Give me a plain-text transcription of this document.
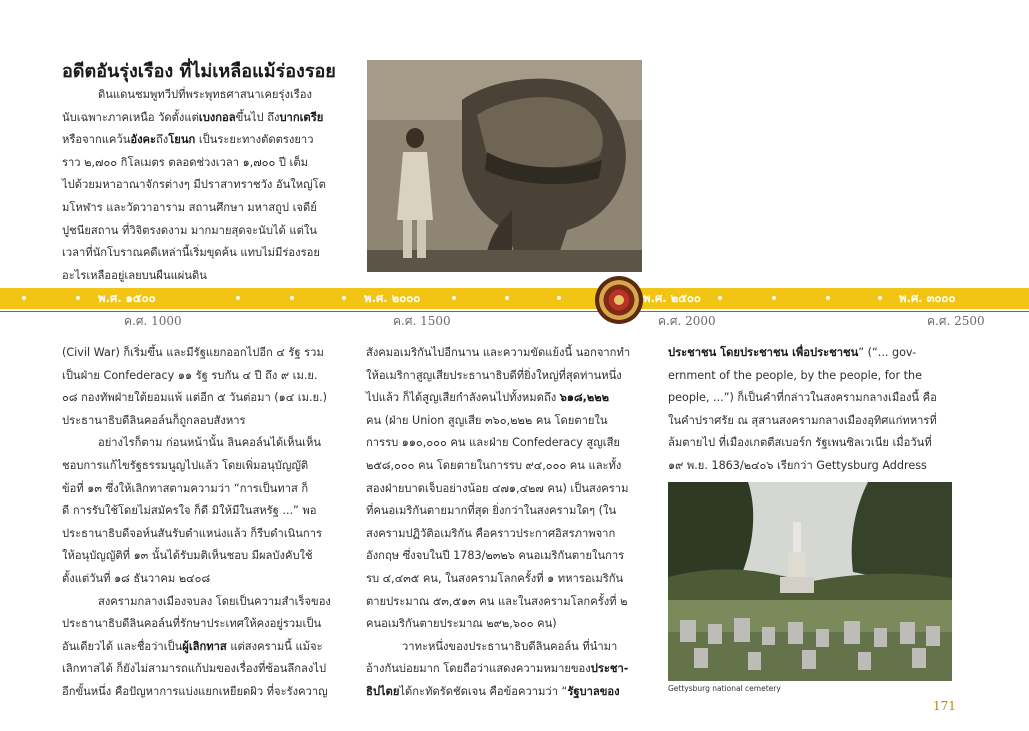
อดีตอันรุ่งเรือง ที่ไม่เหลือแม้ร่องรอย

ดินแดนชมพูทวีปที่พระพุทธศาสนาเคยรุ่งเรือง

นับเฉพาะภาคเหนือ วัดตั้งแต่เบงกอลขึ้นไป ถึงบากเตรีย

หรือจากแคว้นอังคะถึงโยนก เป็นระยะทางตัดตรงยาว

ราว ๒,๗๐๐ กิโลเมตร ตลอดช่วงเวลา ๑,๗๐๐ ปี เต็ม

ไปด้วยมหาอาณาจักรต่างๆ มีปราสาทราชวัง อันใหญ่โต

มโหฬาร และวัดวาอาราม สถานศึกษา มหาสถูป เจดีย์

ปูชนียสถาน ที่วิจิตรงดงาม มากมายสุดจะนับได้ แต่ใน

เวลาที่นักโบราณคดีเหล่านี้เริ่มขุดค้น แทบไม่มีร่องรอย

อะไรเหลืออยู่เลยบนผืนแผ่นดิน

พ.ศ. ๑๕๐๐	พ.ศ. ๒๐๐๐	พ.ศ. ๒๕๐๐	พ.ศ. ๓๐๐๐
ค.ศ. 1000	ค.ศ. 1500	ค.ศ. 2000	ค.ศ. 2500

(Civil War) ก็เริ่มขึ้น และมีรัฐแยกออกไปอีก ๔ รัฐ รวม

เป็นฝ่าย Confederacy ๑๑ รัฐ รบกัน ๔ ปี ถึง ๙ เม.ย.

๐๘ กองทัพฝ่ายใต้ยอมแพ้ แต่อีก ๕ วันต่อมา (๑๔ เม.ย.)

ประธานาธิบดีลินคอล์นก็ถูกลอบสังหาร

อย่างไรก็ตาม ก่อนหน้านั้น ลินคอล์นได้เห็นเห็น

ชอบการแก้ไขรัฐธรรมนูญไปแล้ว โดยเพิ่มอนุบัญญัติ

ข้อที่ ๑๓ ซึ่งให้เลิกทาสตามความว่า “การเป็นทาส ก็

ดี การรับใช้โดยไม่สมัครใจ ก็ดี มิให้มีในสหรัฐ ...” พอ

ประธานาธิบดีจอห์นสันรับตำแหน่งแล้ว ก็รีบดำเนินการ

ให้อนุบัญญัติที่ ๑๓ นั้นได้รับมติเห็นชอบ มีผลบังคับใช้

ตั้งแต่วันที่ ๑๘ ธันวาคม ๒๔๐๘

สงครามกลางเมืองจบลง โดยเป็นความสำเร็จของ

ประธานาธิบดีลินคอล์นที่รักษาประเทศให้คงอยู่รวมเป็น

อันเดียวได้ และชื่อว่าเป็นผู้เลิกทาส แต่สงครามนี้ แม้จะ

เลิกทาสได้ ก็ยังไม่สามารถแก้ปมของเรื่องที่ซ้อนลึกลงไป

อีกขั้นหนึ่ง คือปัญหาการแบ่งแยกเหยียดผิว ที่จะรังควาญ

สังคมอเมริกันไปอีกนาน และความขัดแย้งนี้ นอกจากทำ

ให้อเมริกาสูญเสียประธานาธิบดีที่ยิ่งใหญ่ที่สุดท่านหนึ่ง

ไปแล้ว ก็ได้สูญเสียกำลังคนไปทั้งหมดถึง ๖๑๘,๒๒๒

คน (ฝ่าย Union สูญเสีย ๓๖๐,๒๒๒ คน โดยตายใน

การรบ ๑๑๐,๐๐๐ คน และฝ่าย Confederacy สูญเสีย

๒๕๘,๐๐๐ คน โดยตายในการรบ ๙๔,๐๐๐ คน และทั้ง

สองฝ่ายบาดเจ็บอย่างน้อย ๔๗๑,๔๒๗ คน) เป็นสงคราม

ที่คนอเมริกันตายมากที่สุด ยิ่งกว่าในสงครามใดๆ (ใน

สงครามปฏิวัติอเมริกัน คือคราวประกาศอิสรภาพจาก

อังกฤษ ซึ่งจบในปี 1783/๒๓๒๖ คนอเมริกันตายในการ

รบ ๔,๔๓๕ คน, ในสงครามโลกครั้งที่ ๑ ทหารอเมริกัน

ตายประมาณ ๕๓,๕๑๓ คน และในสงครามโลกครั้งที่ ๒

คนอเมริกันตายประมาณ ๒๙๒,๖๐๐ คน)

วาทะหนึ่งของประธานาธิบดีลินคอล์น ที่นำมา

อ้างกันบ่อยมาก โดยถือว่าแสดงความหมายของประชา-

ธิปไตยได้กะทัดรัดชัดเจน คือข้อความว่า “รัฐบาลของ

ประชาชน โดยประชาชน เพื่อประชาชน” (“... gov-

ernment of the people, by the people, for the

people, ...”) ก็เป็นคำที่กล่าวในสงครามกลางเมืองนี้ คือ

ในคำปราศรัย ณ สุสานสงครามกลางเมืองอุทิศแก่ทหารที่

ล้มตายไป ที่เมืองเกตตีสเบอร์ก รัฐเพนซิลเวเนีย เมื่อวันที่

๑๙ พ.ย. 1863/๒๔๐๖ เรียกว่า Gettysburg Address

Gettysburg national cemetery
171
